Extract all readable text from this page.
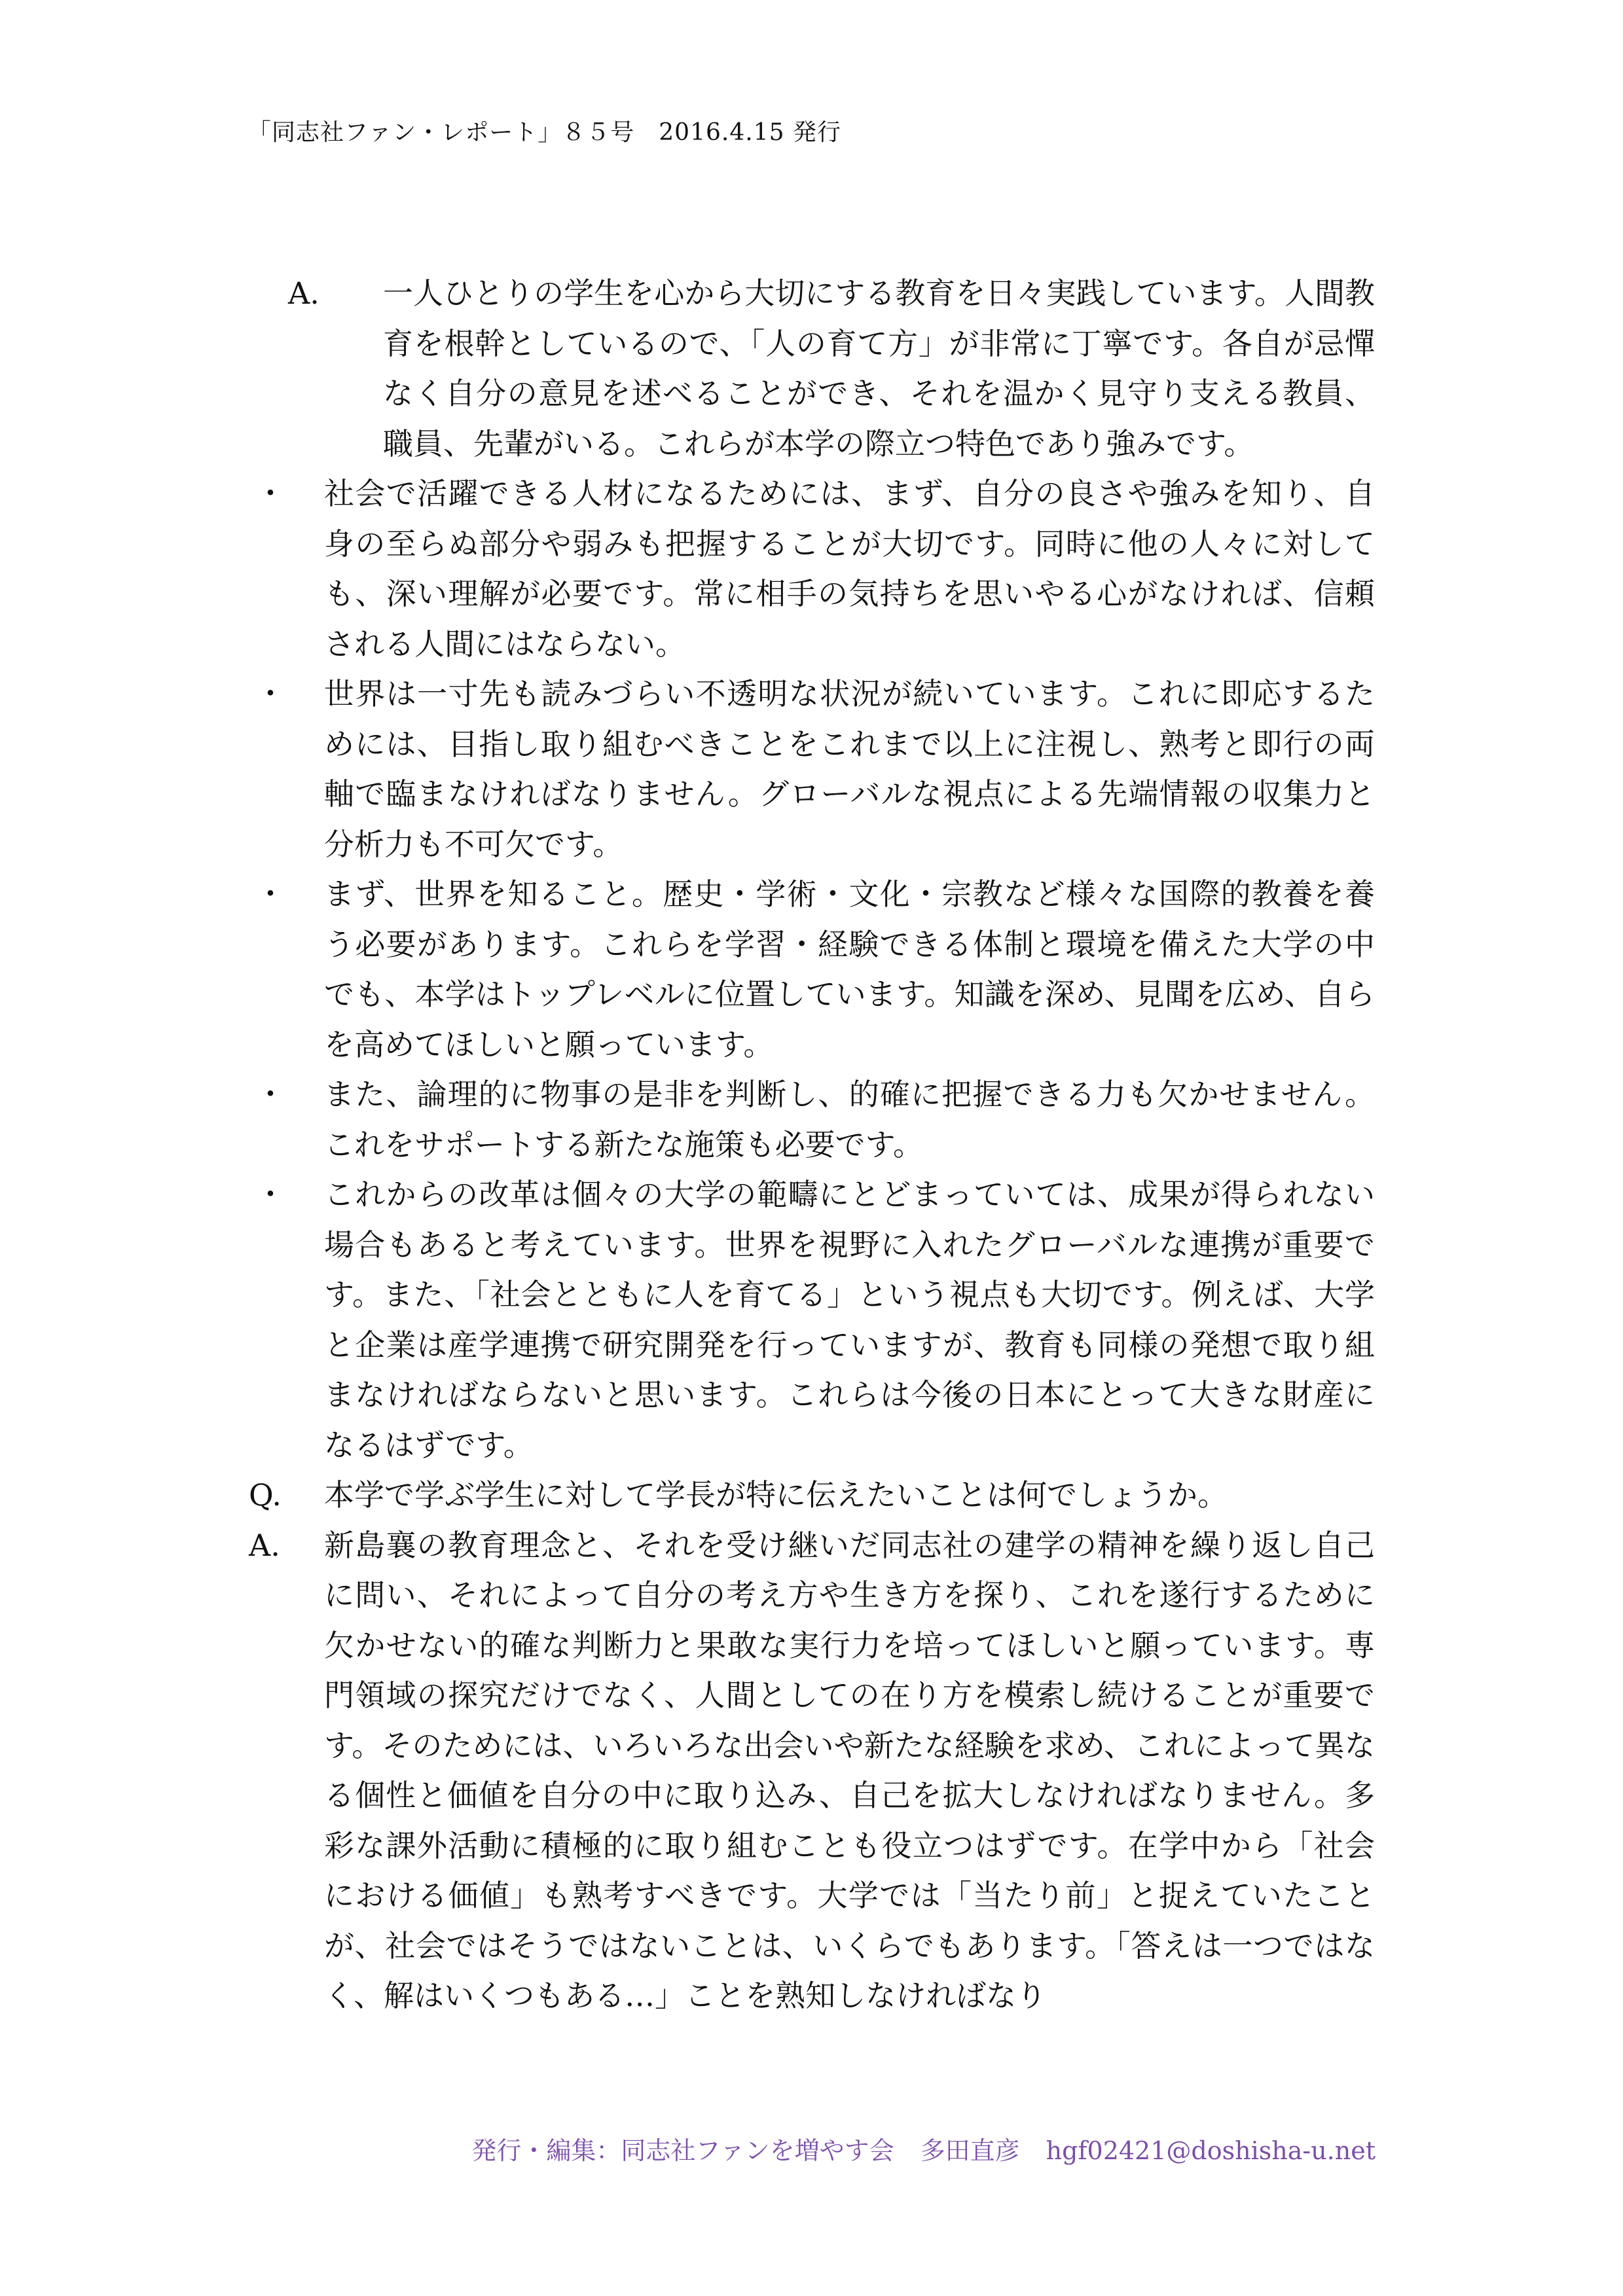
「同志社ファン・レポート」８５号　2016.4.15 発行

A. 一人ひとりの学生を心から大切にする教育を日々実践しています。人間教育を根幹としているので、「人の育て方」が非常に丁寧です。各自が忌憚なく自分の意見を述べることができ、それを温かく見守り支える教員、職員、先輩がいる。これらが本学の際立つ特色であり強みです。

・ 社会で活躍できる人材になるためには、まず、自分の良さや強みを知り、自身の至らぬ部分や弱みも把握することが大切です。同時に他の人々に対しても、深い理解が必要です。常に相手の気持ちを思いやる心がなければ、信頼される人間にはならない。

・ 世界は一寸先も読みづらい不透明な状況が続いています。これに即応するためには、目指し取り組むべきことをこれまで以上に注視し、熟考と即行の両軸で臨まなければなりません。グローバルな視点による先端情報の収集力と分析力も不可欠です。

・ まず、世界を知ること。歴史・学術・文化・宗教など様々な国際的教養を養う必要があります。これらを学習・経験できる体制と環境を備えた大学の中でも、本学はトップレベルに位置しています。知識を深め、見聞を広め、自らを高めてほしいと願っています。

・ また、論理的に物事の是非を判断し、的確に把握できる力も欠かせません。これをサポートする新たな施策も必要です。

・ これからの改革は個々の大学の範疇にとどまっていては、成果が得られない場合もあると考えています。世界を視野に入れたグローバルな連携が重要です。また、「社会とともに人を育てる」という視点も大切です。例えば、大学と企業は産学連携で研究開発を行っていますが、教育も同様の発想で取り組まなければならないと思います。これらは今後の日本にとって大きな財産になるはずです。

Q. 本学で学ぶ学生に対して学長が特に伝えたいことは何でしょうか。

A. 新島襄の教育理念と、それを受け継いだ同志社の建学の精神を繰り返し自己に問い、それによって自分の考え方や生き方を探り、これを遂行するために欠かせない的確な判断力と果敢な実行力を培ってほしいと願っています。専門領域の探究だけでなく、人間としての在り方を模索し続けることが重要です。そのためには、いろいろな出会いや新たな経験を求め、これによって異なる個性と価値を自分の中に取り込み、自己を拡大しなければなりません。多彩な課外活動に積極的に取り組むことも役立つはずです。在学中から「社会における価値」も熟考すべきです。大学では「当たり前」と捉えていたことが、社会ではそうではないことは、いくらでもあります。「答えは一つではなく、解はいくつもある…」ことを熟知しなければなり

発行・編集：同志社ファンを増やす会 多田直彦 hgf02421@doshisha-u.net
